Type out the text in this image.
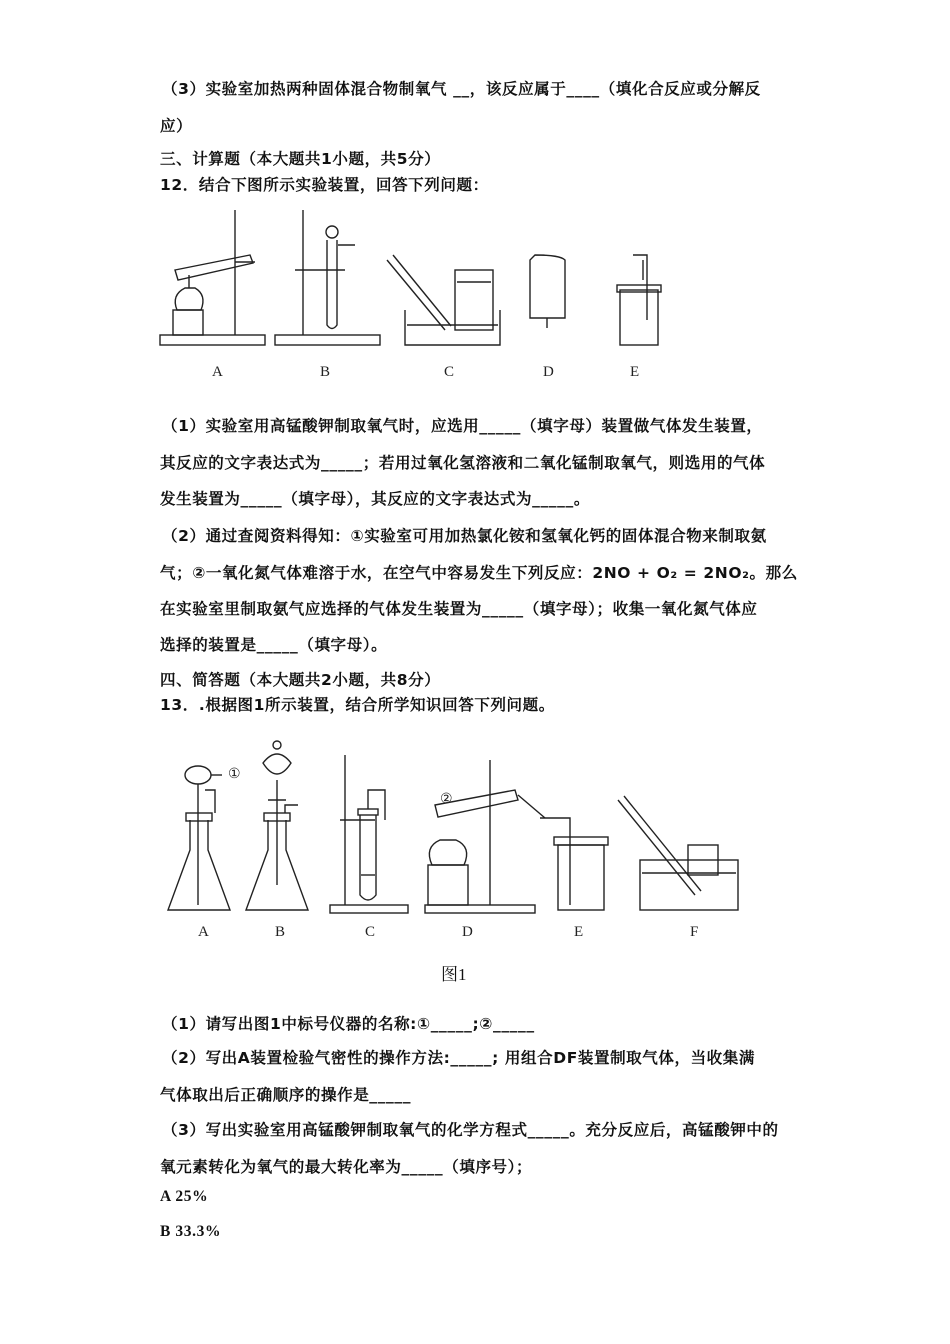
（3）实验室加热两种固体混合物制氧气 __，该反应属于____（填化合反应或分解反
应）
三、计算题（本大题共1小题，共5分）
12．结合下图所示实验装置，回答下列问题：
A	B	C	D	E
（1）实验室用高锰酸钾制取氧气时，应选用_____（填字母）装置做气体发生装置，
其反应的文字表达式为_____；若用过氧化氢溶液和二氧化锰制取氧气，则选用的气体
发生装置为_____（填字母），其反应的文字表达式为_____。
（2）通过查阅资料得知：①实验室可用加热氯化铵和氢氧化钙的固体混合物来制取氨
气；②一氧化氮气体难溶于水，在空气中容易发生下列反应：2NO + O₂ = 2NO₂。那么
在实验室里制取氨气应选择的气体发生装置为_____（填字母）；收集一氧化氮气体应
选择的装置是_____（填字母）。
四、简答题（本大题共2小题，共8分）
13．.根据图1所示装置，结合所学知识回答下列问题。
①
②
A	B	C	D	E	F
图1
（1）请写出图1中标号仪器的名称:①_____;②_____
（2）写出A装置检验气密性的操作方法:_____; 用组合DF装置制取气体，当收集满
气体取出后正确顺序的操作是_____
（3）写出实验室用高锰酸钾制取氧气的化学方程式_____。充分反应后，高锰酸钾中的
氧元素转化为氧气的最大转化率为_____（填序号）；
A 25%
B 33.3%
